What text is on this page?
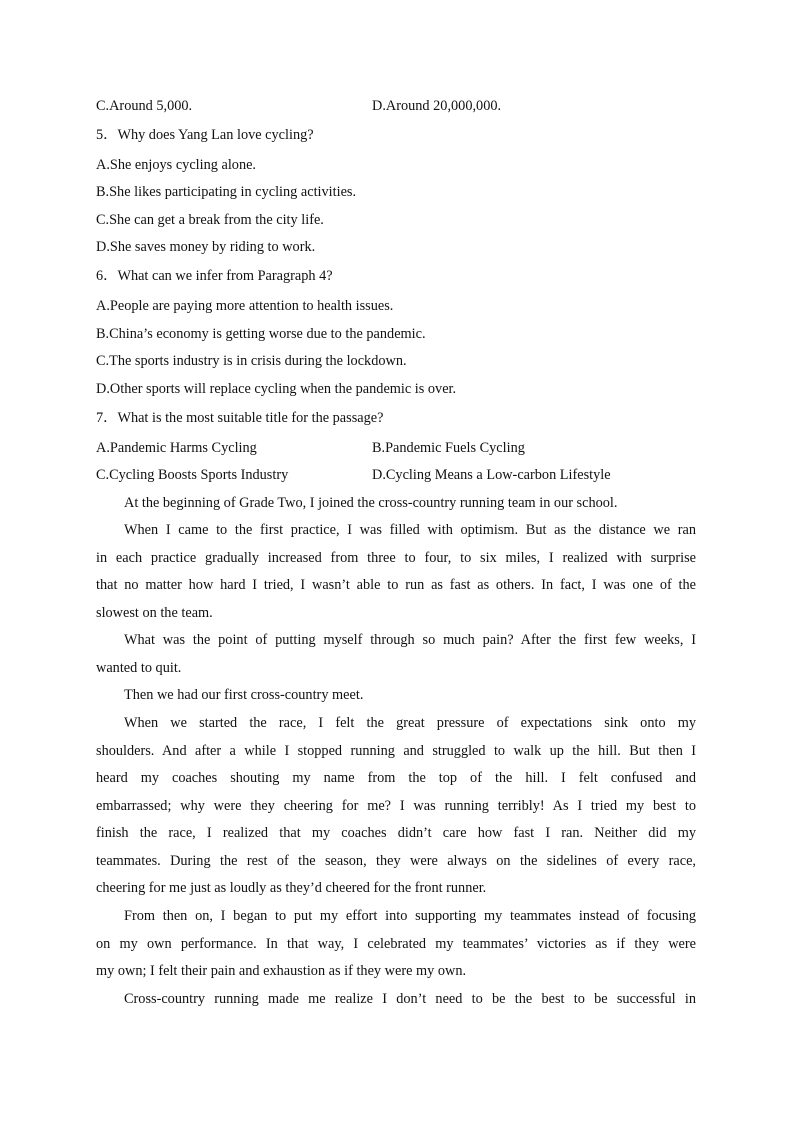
C.Around 5,000.	D.Around 20,000,000.
5．Why does Yang Lan love cycling?
A.She enjoys cycling alone.
B.She likes participating in cycling activities.
C.She can get a break from the city life.
D.She saves money by riding to work.
6．What can we infer from Paragraph 4?
A.People are paying more attention to health issues.
B.China’s economy is getting worse due to the pandemic.
C.The sports industry is in crisis during the lockdown.
D.Other sports will replace cycling when the pandemic is over.
7．What is the most suitable title for the passage?
A.Pandemic Harms Cycling	B.Pandemic Fuels Cycling
C.Cycling Boosts Sports Industry	D.Cycling Means a Low-carbon Lifestyle
At the beginning of Grade Two, I joined the cross-country running team in our school.
When I came to the first practice, I was filled with optimism. But as the distance we ran
in each practice gradually increased from three to four, to six miles, I realized with surprise
that no matter how hard I tried, I wasn’t able to run as fast as others. In fact, I was one of the
slowest on the team.
What was the point of putting myself through so much pain? After the first few weeks, I
wanted to quit.
Then we had our first cross-country meet.
When we started the race, I felt the great pressure of expectations sink onto my
shoulders. And after a while I stopped running and struggled to walk up the hill. But then I
heard my coaches shouting my name from the top of the hill. I felt confused and
embarrassed; why were they cheering for me? I was running terribly! As I tried my best to
finish the race, I realized that my coaches didn’t care how fast I ran. Neither did my
teammates. During the rest of the season, they were always on the sidelines of every race,
cheering for me just as loudly as they’d cheered for the front runner.
From then on, I began to put my effort into supporting my teammates instead of focusing
on my own performance. In that way, I celebrated my teammates’ victories as if they were
my own; I felt their pain and exhaustion as if they were my own.
Cross-country running made me realize I don’t need to be the best to be successful in
